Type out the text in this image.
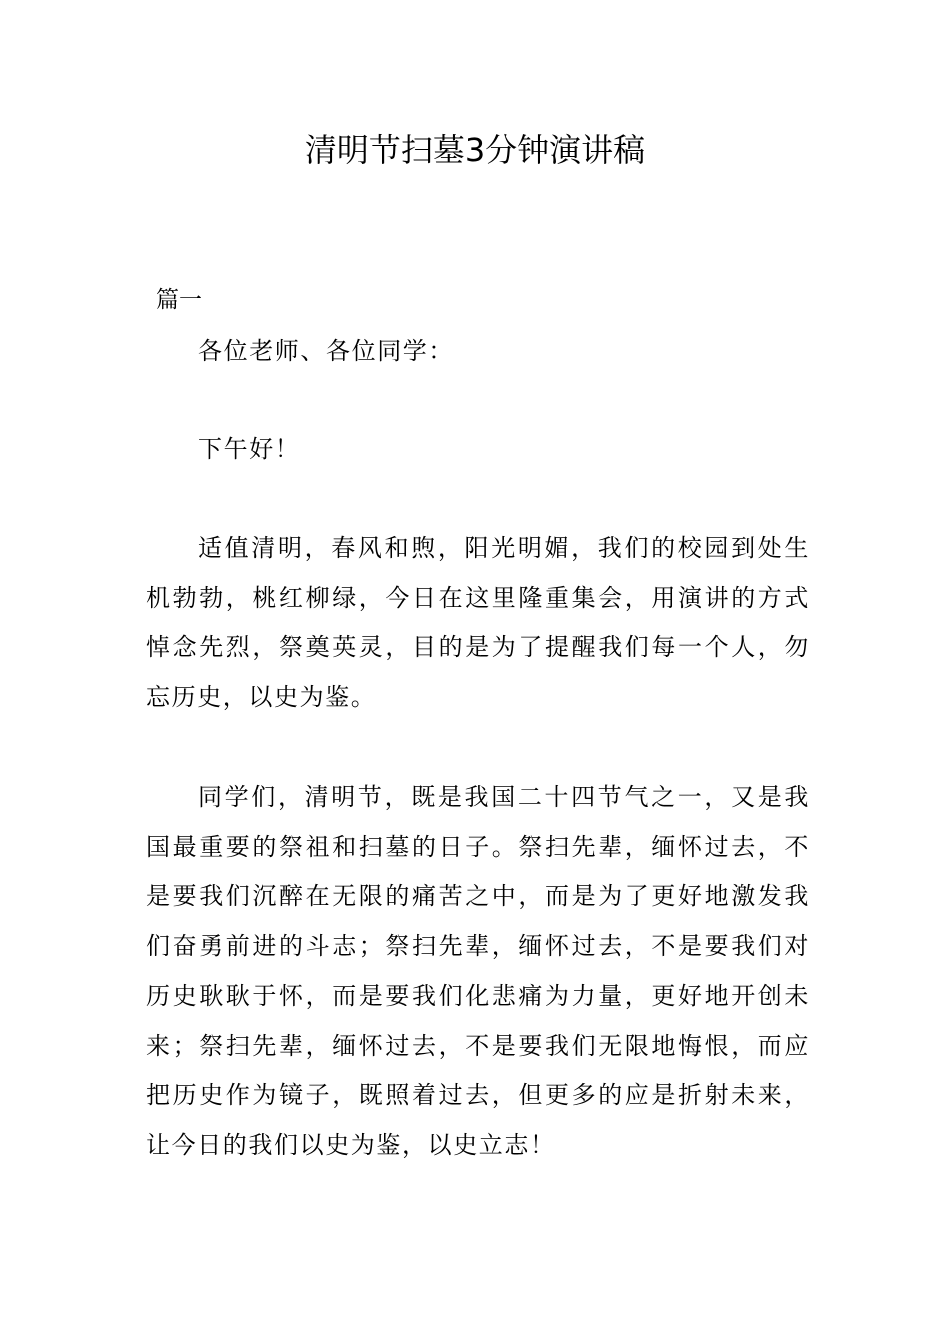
清明节扫墓3分钟演讲稿

篇一

各位老师、各位同学：

下午好！

适值清明，春风和煦，阳光明媚，我们的校园到处生机勃勃，桃红柳绿，今日在这里隆重集会，用演讲的方式悼念先烈，祭奠英灵，目的是为了提醒我们每一个人，勿忘历史，以史为鉴。

同学们，清明节，既是我国二十四节气之一，又是我国最重要的祭祖和扫墓的日子。祭扫先辈，缅怀过去，不是要我们沉醉在无限的痛苦之中，而是为了更好地激发我们奋勇前进的斗志；祭扫先辈，缅怀过去，不是要我们对历史耿耿于怀，而是要我们化悲痛为力量，更好地开创未来；祭扫先辈，缅怀过去，不是要我们无限地悔恨，而应把历史作为镜子，既照着过去，但更多的应是折射未来，让今日的我们以史为鉴，以史立志！
